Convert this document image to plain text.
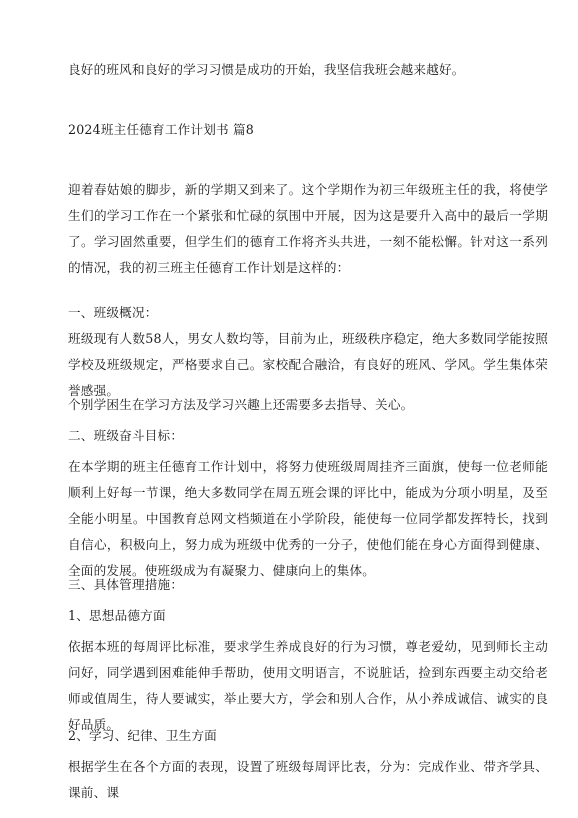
良好的班风和良好的学习习惯是成功的开始，我坚信我班会越来越好。

2024班主任德育工作计划书 篇8

迎着春姑娘的脚步，新的学期又到来了。这个学期作为初三年级班主任的我，将使学生们的学习工作在一个紧张和忙碌的氛围中开展，因为这是要升入高中的最后一学期了。学习固然重要，但学生们的德育工作将齐头共进，一刻不能松懈。针对这一系列的情况，我的初三班主任德育工作计划是这样的：

一、班级概况：

班级现有人数58人，男女人数均等，目前为止，班级秩序稳定，绝大多数同学能按照学校及班级规定，严格要求自己。家校配合融洽，有良好的班风、学风。学生集体荣誉感强。

个别学困生在学习方法及学习兴趣上还需要多去指导、关心。

二、班级奋斗目标：

在本学期的班主任德育工作计划中，将努力使班级周周挂齐三面旗，使每一位老师能顺利上好每一节课，绝大多数同学在周五班会课的评比中，能成为分项小明星，及至全能小明星。中国教育总网文档频道在小学阶段，能使每一位同学都发挥特长，找到自信心，积极向上，努力成为班级中优秀的一分子，使他们能在身心方面得到健康、全面的发展。使班级成为有凝聚力、健康向上的集体。

三、具体管理措施：

1、思想品德方面

依据本班的每周评比标准，要求学生养成良好的行为习惯，尊老爱幼，见到师长主动问好，同学遇到困难能伸手帮助，使用文明语言，不说脏话，捡到东西要主动交给老师或值周生，待人要诚实，举止要大方，学会和别人合作，从小养成诚信、诚实的良好品质。

2、学习、纪律、卫生方面

根据学生在各个方面的表现，设置了班级每周评比表，分为：完成作业、带齐学具、课前、课
